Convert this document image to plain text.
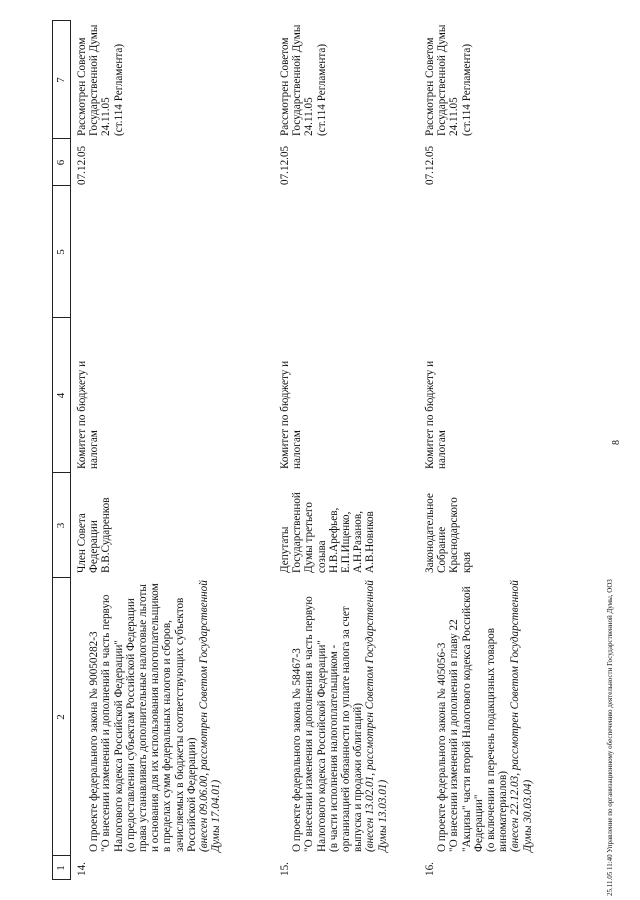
1
2
3
4
5
6
7
14.

О проекте федерального закона № 90050282-3
"О внесении изменений и дополнений в часть первую Налогового кодекса Российской Федерации"
(о предоставлении субъектам Российской Федерации права устанавливать дополнительные налоговые льготы и основания для их использования налогоплательщиком в пределах сумм федеральных налогов и сборов, зачисляемых в бюджеты соответствующих субъектов Российской Федерации)
(внесен 09.06.00, рассмотрен Советом Государственной Думы 17.04.01)

Член Совета Федерации
В.В.Сударенков
Комитет по бюджету и налогам
07.12.05
Рассмотрен Советом Государственной Думы 24.11.05
(ст.114 Регламента)
15.

О проекте федерального закона № 58467-3
"О внесении изменения и дополнения в часть первую Налогового кодекса Российской Федерации"
(в части исполнения налогоплательщиком - организацией обязанности по уплате налога за счет выпуска и продажи облигаций)
(внесен 13.02.01, рассмотрен Советом Государственной Думы 13.03.01)

Депутаты Государственной Думы третьего созыва Н.В.Арефьев, Е.П.Ищенко, А.Н.Разанов, А.В.Новиков
Комитет по бюджету и налогам
07.12.05
Рассмотрен Советом Государственной Думы 24.11.05
(ст.114 Регламента)
16.

О проекте федерального закона № 405056-3
"О внесении изменений и дополнений в главу 22 "Акцизы" части второй Налогового кодекса Российской Федерации"
(о включении в перечень подакцизных товаров виноматериалов)
(внесен 22.12.03, рассмотрен Советом Государственной Думы 30.03.04)

Законодательное Собрание Краснодарского края
Комитет по бюджету и налогам
07.12.05
Рассмотрен Советом Государственной Думы 24.11.05
(ст.114 Регламента)
8
25.11.05 11:40 Управление по организационному обеспечению деятельности Государственной Думы, ООЗ
